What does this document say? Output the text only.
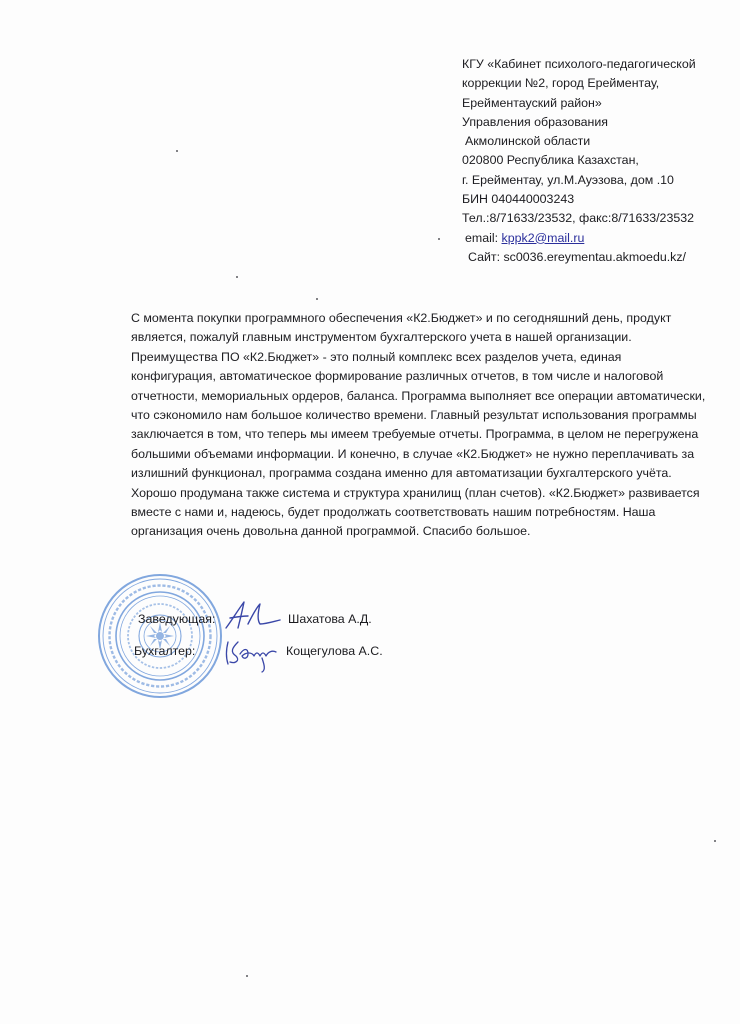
КГУ «Кабинет психолого-педагогической
коррекции №2, город Ерейментау,
Ерейментауский район»
Управления образования
Акмолинской области
020800 Республика Казахстан,
г. Ерейментау, ул.М.Ауэзова, дом .10
БИН 040440003243
Тел.:8/71633/23532, факс:8/71633/23532
email: kppk2@mail.ru
Сайт: sc0036.ereymentau.akmoedu.kz/
С момента покупки программного обеспечения «К2.Бюджет» и по сегодняшний день, продукт
является, пожалуй главным инструментом бухгалтерского учета в нашей организации.
Преимущества ПО «К2.Бюджет» - это полный комплекс всех разделов учета, единая
конфигурация, автоматическое формирование различных отчетов, в том числе и налоговой
отчетности, мемориальных ордеров, баланса. Программа выполняет все операции автоматически,
что сэкономило нам большое количество времени. Главный результат использования программы
заключается в том, что теперь мы имеем требуемые отчеты. Программа, в целом не перегружена
большими объемами информации. И конечно, в случае «К2.Бюджет» не нужно переплачивать за
излишний функционал, программа создана именно для автоматизации бухгалтерского учёта.
Хорошо продумана также система и структура хранилищ (план счетов). «К2.Бюджет» развивается
вместе с нами и, надеюсь, будет продолжать соответствовать нашим потребностям. Наша
организация очень довольна данной программой. Спасибо большое.
Заведующая:	Шахатова А.Д.
Бухгалтер:	Кощегулова А.С.
